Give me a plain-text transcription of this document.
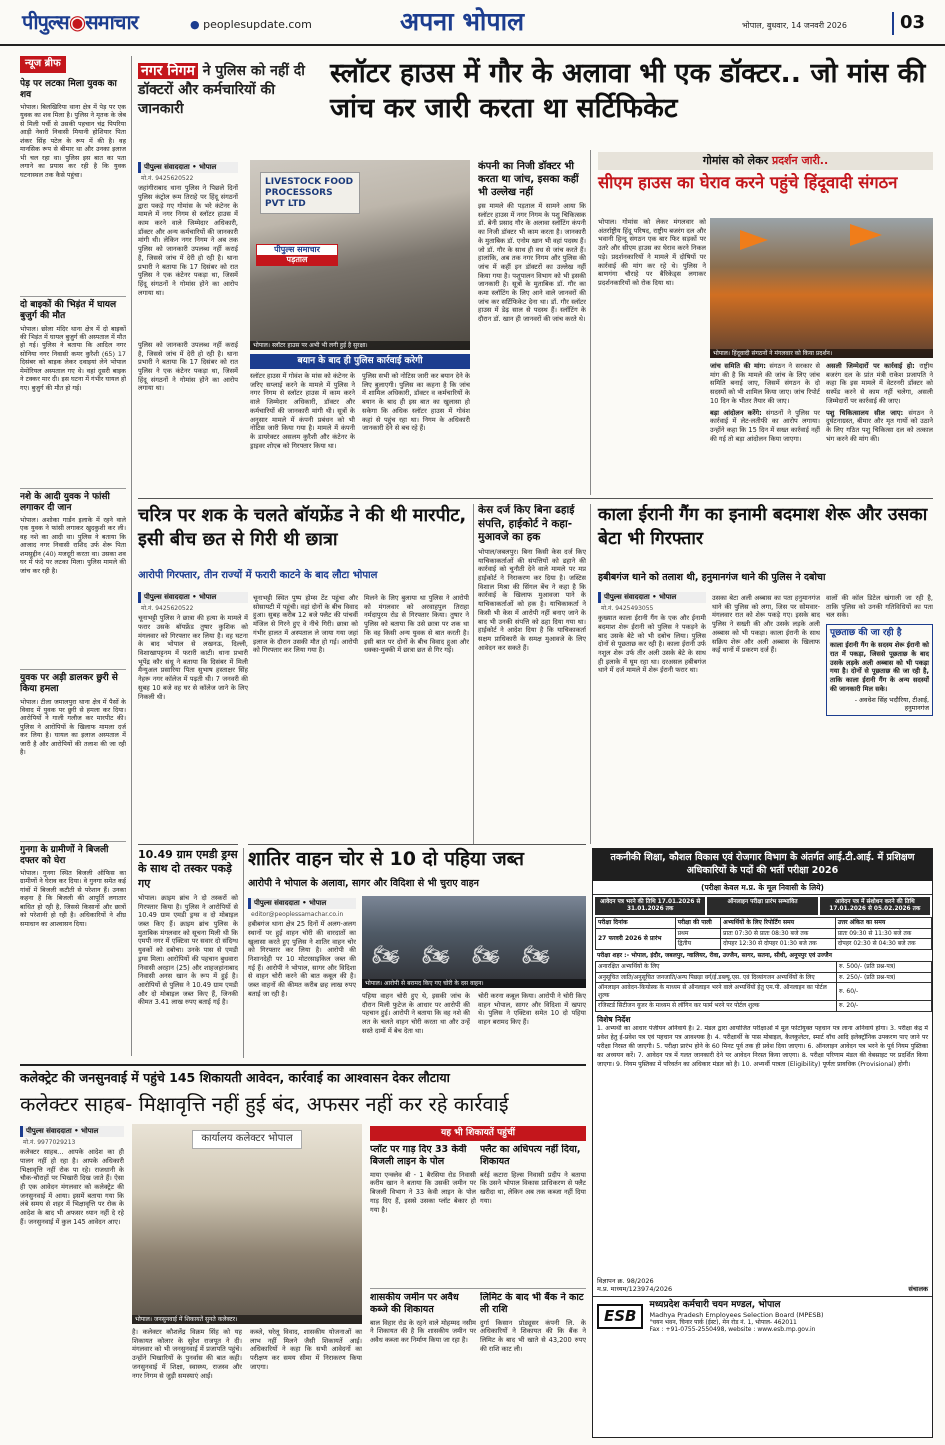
पीपुल्स◉समाचार	● peoplesupdate.com	अपना भोपाल	भोपाल, बुधवार, 14 जनवरी 2026	03
न्यूज ब्रीफ
पेड़ पर लटका मिला युवक का शव
भोपाल। बिलखिरिया थाना क्षेत्र में पेड़ पर एक युवक का शव मिला है। पुलिस ने मृतक के जेब से मिली पर्ची से उसकी पहचान चंद्र पिपरिया आड़ी नेवारी निवासी मियानी होशियार पिता शंकर सिंह पटेल के रूप में की है। वह मानसिक रूप से बीमार था और उनका इलाज भी चल रहा था। पुलिस इस बात का पता लगाने का प्रयास कर रही है कि युवक घटनास्थल तक कैसे पहुंचा।
दो बाइकों की भिड़ंत में घायल बुजुर्ग की मौत
भोपाल। छोला मंदिर थाना क्षेत्र में दो बाइकों की भिड़ंत में घायल बुजुर्ग की अस्पताल में मौत हो गई। पुलिस ने बताया कि आदिल नगर सोनिया नगर निवासी कमर कुरैशी (65) 17 दिसंबर को बाइक लेकर दवाइयां लेने भोपाल मेमोरियल अस्पताल गए थे। वहां दूसरी बाइक ने टक्कर मार दी। इस घटना में गंभीर घायल हो गए। बुजुर्ग की मौत हो गई।
नशे के आदी युवक ने फांसी लगाकर दी जान
भोपाल। अशोका गार्डन इलाके में रहने वाले एक युवक ने फांसी लगाकर खुदकुशी कर ली। वह नशे का आदी था। पुलिस ने बताया कि आजाद नगर निवासी राशिद उर्फ शेरू पिता शमसुद्दीन (40) मजदूरी करता था। उसका शव घर में फंदे पर लटका मिला। पुलिस मामले की जांच कर रही है।
युवक पर अड़ी डालकर छुरी से किया हमला
भोपाल। टीला जमालपुरा थाना क्षेत्र में पैसों के विवाद में युवक पर छुरी से हमला कर दिया। आरोपियों ने गाली गलौज कर मारपीट की। पुलिस ने आरोपियों के खिलाफ मामला दर्ज कर लिया है। घायल का इलाज अस्पताल में जारी है और आरोपियों की तलाश की जा रही है।
गुनगा के ग्रामीणों ने बिजली दफ्तर को घेरा
भोपाल। गुनगा स्थित बिजली ऑफिस का ग्रामीणों ने घेराव कर दिया। वे गुनगा समेत कई गांवों में बिजली कटौती से परेशान हैं। उनका कहना है कि बिजली की आपूर्ति लगातार बाधित हो रही है, जिससे किसानों और छात्रों को परेशानी हो रही है। अधिकारियों ने शीघ्र समाधान का आश्वासन दिया।
नगर निगम ने पुलिस को नहीं दी डॉक्टरों और कर्मचारियों की जानकारी
स्लॉटर हाउस में गौर के अलावा भी एक डॉक्टर.. जो मांस की जांच कर जारी करता था सर्टिफिकेट
पीपुल्स संवाददाता • भोपाल
मो.नं. 9425620522
जहांगीराबाद थाना पुलिस ने पिछले दिनों पुलिस कंट्रोल रूम तिराहे पर हिंदू संगठनों द्वारा पकड़े गए गोमांस के भरे कंटेनर के मामले में नगर निगम से स्लॉटर हाउस में काम करने वाले जिम्मेदार अधिकारी, डॉक्टर और अन्य कर्मचारियों की जानकारी मांगी थी। लेकिन नगर निगम ने अब तक पुलिस को जानकारी उपलब्ध नहीं कराई है, जिससे जांच में देरी हो रही है। थाना प्रभारी ने बताया कि 17 दिसंबर को रात पुलिस ने एक कंटेनर पकड़ा था, जिसमें हिंदू संगठनों ने गोमांस होने का आरोप लगाया था।
LIVESTOCK FOOD PROCESSORS PVT LTD
पीपुल्स समाचार
पड़ताल
भोपाल। स्लॉटर हाउस पर अभी भी लगी हुई है सुरक्षा।
पुलिस को जानकारी उपलब्ध नहीं कराई है, जिससे जांच में देरी हो रही है। थाना प्रभारी ने बताया कि 17 दिसंबर को रात पुलिस ने एक कंटेनर पकड़ा था, जिसमें हिंदू संगठनों ने गोमांस होने का आरोप लगाया था।
बयान के बाद ही पुलिस कार्रवाई करेगी
स्लॉटर हाउस में गोवंश के मांस को कंटेनर के जरिए सप्लाई करने के मामले में पुलिस ने नगर निगम से स्लॉटर हाउस में काम करने वाले जिम्मेदार अधिकारी, डॉक्टर और कर्मचारियों की जानकारी मांगी थी। सूत्रों के अनुसार मामले में कंपनी प्रबंधन को भी नोटिस जारी किया गया है। मामले में कंपनी के डायरेक्टर असलम कुरैशी और कंटेनर के ड्राइवर शोएब को गिरफ्तार किया था।
पुलिस सभी को नोटिस जारी कर बयान देने के लिए बुलाएगी। पुलिस का कहना है कि जांच में शामिल अधिकारी, डॉक्टर व कर्मचारियों के बयान के बाद ही इस बात का खुलासा हो सकेगा कि अधिक स्लॉटर हाउस में गोवंश कहां से पहुंच रहा था। निगम के अधिकारी जानकारी देने से बच रहे हैं।
कंपनी का निजी डॉक्टर भी करता था जांच, इसका कहीं भी उल्लेख नहीं
इस मामले की पड़ताल में सामने आया कि स्लॉटर हाउस में नगर निगम के पशु चिकित्सक डॉ. बेनी प्रसाद गौर के अलावा स्लॉटिंग कंपनी का निजी डॉक्टर भी काम करता है। जानकारी के मुताबिक डॉ. एनोम खान भी वहां पदस्थ हैं। जो डॉ. गौर के साथ ही वध से जांच करते हैं। हालांकि, अब तक नगर निगम और पुलिस की जांच में कहीं इन डॉक्टरों का उल्लेख नहीं किया गया है। पशुपालन विभाग को भी इसकी जानकारी है। सूत्रों के मुताबिक डॉ. गौर का कमा स्लॉटिंग के लिए आने वाले जानवरों की जांच कर सर्टिफिकेट देना था। डॉ. गौर स्लॉटर हाउस में डेढ़ साल से पदस्थ हैं। स्लॉटिंग के दौरान डॉ. खान ही जानवरों की जांच करते थे।
गोमांस को लेकर प्रदर्शन जारी..
सीएम हाउस का घेराव करने पहुंचे हिंदूवादी संगठन
भोपाल। गोमांस को लेकर मंगलवार को अंतर्राष्ट्रीय हिंदू परिषद, राष्ट्रीय बजरंग दल और भवानी हिन्दू संगठन एक बार फिर सड़कों पर उतरे और सीएम हाउस का घेराव करने निकल पड़े। प्रदर्शनकारियों ने मामले में दोषियों पर कार्रवाई की मांग कर रहे थे। पुलिस ने बाणगंगा चौराहे पर बैरिकेड्स लगाकर प्रदर्शनकारियों को रोक दिया था।
भोपाल। हिंदूवादी संगठनों ने मंगलवार को किया प्रदर्शन।
जांच समिति की मांग: संगठन ने सरकार से मांग की है कि मामले की जांच के लिए जांच समिति बनाई जाए, जिसमें संगठन के दो सदस्यों को भी शामिल किया जाए। जांच रिपोर्ट 10 दिन के भीतर तैयार की जाए।
बड़ा आंदोलन करेंगे: संगठनों ने पुलिस पर कार्रवाई में लेट-लतीफी का आरोप लगाया। उन्होंने कहा कि 15 दिन में सख्त कार्रवाई नहीं की गई तो बड़ा आंदोलन किया जाएगा।
असली जिम्मेदारों पर कार्रवाई हो: राष्ट्रीय बजरंग दल के प्रांत मंत्री राकेश प्रजापति ने कहा कि इस मामले में वेटरनरी डॉक्टर को सस्पेंड करने से काम नहीं चलेगा, असली जिम्मेदारों पर कार्रवाई की जाए।
पशु चिकित्सालय सील जाए: संगठन ने दुर्घटनाग्रस्त, बीमार और मृत गायों को उठाने के लिए गठित पशु चिकित्सा दल को तत्काल भंग करने की मांग की।
चरित्र पर शक के चलते बॉयफ्रेंड ने की थी मारपीट, इसी बीच छत से गिरी थी छात्रा
आरोपी गिरफ्तार, तीन राज्यों में फरारी काटने के बाद लौटा भोपाल
पीपुल्स संवाददाता • भोपाल
मो.नं. 9425620522
चूनाभट्टी पुलिस ने छात्रा की हत्या के मामले में फरार उसके बॉयफ्रेंड तुषार कुशिक को मंगलवार को गिरफ्तार कर लिया है। वह घटना के बाद भोपाल से लखनऊ, दिल्ली, विशाखापट्टनम में फरारी काटी। थाना प्रभारी भूपेंद्र कौर संधू ने बताया कि दिसंबर में मिली मैन्युअल प्रसारिया पिता सुभाष हस्ताक्षर सिंह नेहरू नगर कॉलेज में पढ़ती थी। 7 जनवरी की सुबह 10 बजे वह घर से कॉलेज जाने के लिए निकली थी।
चूनाभट्टी स्थित पुष्प होम्स टेंट पहुंचा और सोसायटी में पहुंची। वहां दोनों के बीच विवाद हुआ। सुबह करीब 12 बजे फ्लैट की पांचवीं मंजिल से गिरने हुए वे नीचे गिरी। छात्रा को गंभीर हालत में अस्पताल ले जाया गया जहां इलाज के दौरान उसकी मौत हो गई। आरोपी को गिरफ्तार कर लिया गया है।
मिलने के लिए बुलाया था पुलिस ने आरोपी को मंगलवार को अरवाहपुल तिराहा नर्मदापुरम रोड से गिरफ्तार किया। तुषार ने पुलिस को बताया कि उसे छात्रा पर शक था कि वह किसी अन्य युवक से बात करती है। इसी बात पर दोनों के बीच विवाद हुआ और धक्का-मुक्की में छात्रा छत से गिर गई।
केस दर्ज किए बिना ढहाई संपत्ति, हाईकोर्ट ने कहा- मुआवजे का हक
भोपाल/जबलपुर। बिना किसी केस दर्ज किए याचिकाकर्ताओं की संपत्तियों को ढहाने की कार्रवाई को चुनौती देने वाले मामले पर मप्र हाईकोर्ट ने निराकरण कर दिया है। जस्टिस विशाल मिश्रा की सिंगल बेंच ने कहा है कि कार्रवाई के खिलाफ मुआवजा पाने के याचिकाकर्ताओं को हक है। याचिकाकर्ता ने किसी भी केस में आरोपी नहीं बनाए जाने के बाद भी उनकी संपत्ति को ढहा दिया गया था। हाईकोर्ट ने आदेश दिया है कि याचिकाकर्ता सक्षम प्राधिकारी के समक्ष मुआवजे के लिए आवेदन कर सकते हैं।
काला ईरानी गैंग का इनामी बदमाश शेरू और उसका बेटा भी गिरफ्तार
हबीबगंज थाने को तलाश थी, हनुमानगंज थाने की पुलिस ने दबोचा
पीपुल्स संवाददाता • भोपाल
मो.नं. 9425493055
कुख्यात काला ईरानी गैंग के एक और ईनामी बदमाश शेरू ईरानी को पुलिस ने पकड़ने के बाद उसके बेटे को भी दबोच लिया। पुलिस दोनों से पूछताछ कर रही है। काला ईरानी उर्फ नशुल शेरू उर्फ तीर अली उसके बेटे के साथ ही इलाके में घूम रहा था। दरअसल हबीबगंज थाने में दर्ज मामले में शेरू ईरानी फरार था।
उसका बेटा अली अब्बास का पता हनुमानगंज थाने की पुलिस को लगा, जिस पर सोमवार-मंगलवार रात को शेरू पकड़े गए। इसके बाद पुलिस ने सख्ती की और उसके लड़के अली अब्बास को भी पकड़ा। काला ईरानी के साथ सक्रिय शेरू और अली अब्बास के खिलाफ कई थानों में प्रकरण दर्ज हैं।
वालों की कॉल डिटेल खंगाली जा रही है, ताकि पुलिस को उनकी गतिविधियों का पता चल सके।
पूछताछ की जा रही है
काला ईरानी गैंग के सदस्य शेरू ईरानी को रात में पकड़ा, जिससे पूछताछ के बाद उसके लड़के अली अब्बास को भी पकड़ा गया है। दोनों से पूछताछ की जा रही है, ताकि काला ईरानी गैंग के अन्य सदस्यों की जानकारी मिल सके।
- अवधेश सिंह भदौरिया, टीआई, हनुमानगंज
10.49 ग्राम एमडी ड्रग्स के साथ दो तस्कर पकड़े गए
भोपाल। क्राइम ब्रांच ने दो तस्करों को गिरफ्तार किया है। पुलिस ने आरोपियों से 10.49 ग्राम एमडी ड्रग्स व दो मोबाइल जब्त किए हैं। क्राइम ब्रांच पुलिस के मुताबिक मंगलवार को सूचना मिली थी कि एमपी नगर में एक्टिवा पर सवार दो संदिग्ध युवकों को दबोचा। उनके पास से एमडी ड्रग्स मिला। आरोपियों की पहचान बुधवारा निवासी अरहान (25) और शाहजहांनाबाद निवासी अनस खान के रूप में हुई है। आरोपियों से पुलिस ने 10.49 ग्राम एमडी और दो मोबाइल जब्त किए हैं, जिनकी कीमत 3.41 लाख रुपए बताई गई है।
शातिर वाहन चोर से 10 दो पहिया जब्त
आरोपी ने भोपाल के अलावा, सागर और विदिशा से भी चुराए वाहन
पीपुल्स संवाददाता • भोपाल
editor@peoplessamachar.co.in
हबीबगंज थाना क्षेत्र 25 दिनों में अलग-अलग स्थानों पर हुई वाहन चोरी की वारदातों का खुलासा करते हुए पुलिस ने शातिर वाहन चोर को गिरफ्तार कर लिया है। आरोपी की निशानदेही पर 10 मोटरसाइकिल जब्त की गई हैं। आरोपी ने भोपाल, सागर और विदिशा से वाहन चोरी करने की बात कबूल की है। जब्त वाहनों की कीमत करीब छह लाख रुपए बताई जा रही है।
🏍 🏍 🏍 🏍
भोपाल। आरोपी से बरामद किए गए चोरी के दस वाहन।
पहिया वाहन चोरी हुए थे, इसकी जांच के दौरान मिली फुटेज के आधार पर आरोपी की पहचान हुई। आरोपी ने बताया कि वह नशे की लत के चलते वाहन चोरी करता था और उन्हें सस्ते दामों में बेच देता था।
चोरी करना कबूल किया। आरोपी ने चोरी किए वाहन भोपाल, सागर और विदिशा में खपाए थे। पुलिस ने एक्टिवा समेत 10 दो पहिया वाहन बरामद किए हैं।
तकनीकी शिक्षा, कौशल विकास एवं रोजगार विभाग के अंतर्गत आई.टी.आई. में प्रशिक्षण अधिकारियों के पदों की भर्ती परीक्षा 2026
(परीक्षा केवल म.प्र. के मूल निवासी के लिये)
आवेदन पत्र भरने की तिथि 17.01.2026 से 31.01.2026 तक
ऑनलाइन परीक्षा प्रारंभ सम्भावित	आवेदन पत्र में संशोधन करने की तिथि 17.01.2026 से 05.02.2026 तक
परीक्षा दिनांक	परीक्षा की पाली	अभ्यर्थियों के लिए रिपोर्टिंग समय	उत्तर अंकित का समय
27 फरवरी 2026 से प्रारंभ	प्रथम	प्रातः 07:30 से प्रातः 08:30 बजे तक	प्रातः 09:30 से 11:30 बजे तक
	द्वितीय	दोपहर 12:30 से दोपहर 01:30 बजे तक	दोपहर 02:30 से 04:30 बजे तक
परीक्षा शहर :- भोपाल, इंदौर, जबलपुर, ग्वालियर, रीवा, उज्जैन, सागर, सतना, सीधी, अनूपपुर एवं उज्जैन
अनारक्षित अभ्यर्थियों के लिए	रु. 500/- (प्रति प्रश्न-पत्र)
अनुसूचित जाति/अनुसूचित जनजाति/अन्य पिछड़ा वर्ग/ई.डब्ल्यू.एस. एवं दिव्यांगजन अभ्यर्थियों के लिए	रु. 250/- (प्रति प्रश्न-पत्र)
ऑनलाइन आवेदन-कियोस्क के माध्यम से ऑनलाइन भरने वाले अभ्यर्थियों हेतु एम.पी. ऑनलाइन का पोर्टल शुल्क	रु. 60/-
रजिस्टर्ड सिटीजन यूजर के माध्यम से लॉगिन कर फार्म भरने पर पोर्टल शुल्क	रु. 20/-
विशेष निर्देश
1. अभ्यर्थी का आधार पंजीयन अनिवार्य है। 2. मंडल द्वारा आयोजित परीक्षाओं में मूल फोटोयुक्त पहचान पत्र लाना अनिवार्य होगा। 3. परीक्षा केंद्र में प्रवेश हेतु ई-प्रवेश पत्र एवं पहचान पत्र आवश्यक है। 4. परीक्षार्थी के पास मोबाइल, कैलकुलेटर, स्मार्ट वॉच आदि इलेक्ट्रॉनिक उपकरण पाए जाने पर परीक्षा निरस्त की जाएगी। 5. परीक्षा प्रारंभ होने के 60 मिनट पूर्व तक ही प्रवेश दिया जाएगा। 6. ऑनलाइन आवेदन पत्र भरने के पूर्व नियम पुस्तिका का अध्ययन करें। 7. आवेदन पत्र में गलत जानकारी देने पर आवेदन निरस्त किया जाएगा। 8. परीक्षा परिणाम मंडल की वेबसाइट पर प्रदर्शित किया जाएगा। 9. नियम पुस्तिका में परिवर्तन का अधिकार मंडल को है। 10. अभ्यर्थी पात्रता (Eligibility) पूर्णतः प्रावधिक (Provisional) होगी।
विज्ञापन क्र. 98/2026
म.प्र. माध्यम/123974/2026	संचालक
ESB
मध्यप्रदेश कर्मचारी चयन मण्डल, भोपाल
Madhya Pradesh Employees Selection Board (MPESB)
"चयन भवन, चिनार पार्क (ईस्ट), मेन रोड नं. 1, भोपाल- 462011
Fax : +91-0755-2550498, website : www.esb.mp.gov.in
कलेक्ट्रेट की जनसुनवाई में पहुंचे 145 शिकायती आवेदन, कार्रवाई का आश्वासन देकर लौटाया
कलेक्टर साहब- मिक्षावृत्ति नहीं हुई बंद, अफसर नहीं कर रहे कार्रवाई
पीपुल्स संवाददाता • भोपाल
मो.नं. 9977029213
कलेक्टर साहब... आपके आदेश का ही पालन नहीं हो रहा है। आपके अधिकारी भिक्षावृत्ति नहीं रोक पा रहे। राजधानी के चौक-चौराहों पर भिखारी दिख जाते हैं। ऐसा ही एक आवेदन मंगलवार को कलेक्ट्रेट की जनसुनवाई में आया। इसमें बताया गया कि लंबे समय से शहर में भिक्षावृत्ति पर रोक के आदेश के बाद भी अफसर ध्यान नहीं दे रहे हैं। जनसुनवाई में कुल 145 आवेदन आए।
कार्यालय कलेक्टर भोपाल
भोपाल। जनसुनवाई में शिकायतें सुनते कलेक्टर।
है। कलेक्टर कौशलेंद्र विक्रम सिंह को यह शिकायत कोलार के सुरेश राजपूत ने दी। मंगलवार को भी जनसुनवाई में प्रजापति पहुंचे। उन्होंने भिखारियों के पुनर्वास की बात कही। जनसुनवाई में शिक्षा, स्वास्थ्य, राजस्व और नगर निगम से जुड़ी समस्याएं आईं।
कब्जे, घरेलू विवाद, शासकीय योजनाओं का लाभ नहीं मिलने जैसी शिकायतें आई। अधिकारियों ने कहा कि सभी आवेदनों का परीक्षण कर समय सीमा में निराकरण किया जाएगा।
यह भी शिकायतें पहुंचीं
प्लॉट पर गाड़ दिए 33 केवी बिजली लाइन के पोल
माया एन्क्लेव बी - 1 बैरसिया रोड निवासी करीम खान ने बताया कि उसकी जमीन पर बिजली विभाग ने 33 केवी लाइन के पोल गाड़ दिए हैं, इससे उसका प्लॉट बेकार हो गया है।
फ्लैट का अधिपत्य नहीं दिया, शिकायत
बर्रई कटारा हिल्स निवासी प्रदीप ने बताया कि उसने भोपाल विकास प्राधिकरण से फ्लैट खरीदा था, लेकिन अब तक कब्जा नहीं दिया गया।
शासकीय जमीन पर अवैध कब्जे की शिकायत
बाल विहार रोड के रहने वाले मोहम्मद नसीम ने शिकायत की है कि शासकीय जमीन पर अवैध कब्जा कर निर्माण किया जा रहा है।
लिमिट के बाद भी बैंक ने काट ली राशि
दुर्गा किसान प्रोड्यूसर कंपनी लि. के अधिकारियों ने शिकायत की कि बैंक ने लिमिट के बाद भी खाते से 43,200 रुपए की राशि काट ली।
